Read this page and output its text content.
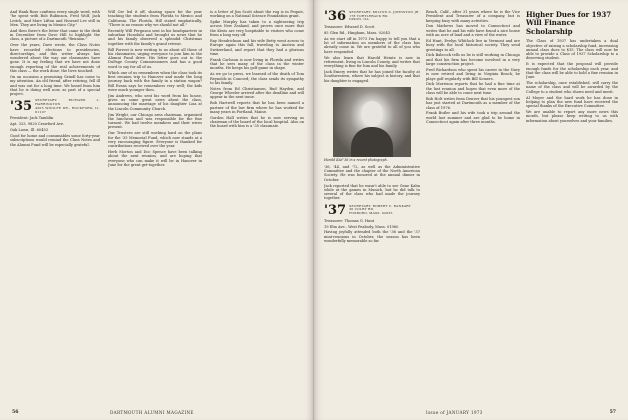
And Hank Rose confirms every single word, with "he spent with Bob Rubinson, Fred Wolf, Jack Leitch, and Marv Lifton and Howard Lev still in Mex. They are living in Mexico City."

And then there's the letter that came to the desk in December from Dave Hill to highlight the class, a picture of a Dartmouth "Reunion."

Over the years, Dave wrote, the Class Notes have recorded elections to presidencies, directorships, and this writer always has wondered about the way our classmates have gone. It is my feeling that we have not done enough reporting of the real achievements of this class — the work done, the lives touched.

On an occasion a promising Grindl has come to my attention. An old friend, after retiring, fell ill and was out for a long time. We heard from him that he is doing well now, as part of a special project.

'35 SECRETARY: RICHARD L. HARRINGTON
4205 WOOLFE DR., ROCKFORD, IL. 61107

President: Jack Tamblin

Apt. 333, 9820 Crawford Ave.

Oak Lawn, Ill. 60453

Good for home and consumables some forty-year subscriptions would remind the Class Notes and the Alumni Fund will be especially grateful.

Will Orr led it off, sharing space for the year teaching the students from Florida to Mexico and California. The Florida, Hill stated emphatically, "There is no reason why we should not all."

Recently Will Ferguson sent in his headquarters in suburban Honolulu and brought us news that he and his family observed a splendid Christmas together with the family's grand retreat.

Bill Forrest is now writing to us about all those of his classmates, urging everyone to join him in the Alumni Fund drive. His letter goes out to the DuPage County Commissioners and has a good word to say for all of us.

Which one of us remembers when the class took its first reunion trip to Hanover and made the long journey back with the family in a station wagon? Bill Evans says he remembers very well; the kids were much younger then.

Jim Andrews, who sent his word from his house, gives us some great news about the class, announcing the marriage of his daughter Lisa at the Lincoln Community Church.

Jim Wright, our Chicago area chairman, organized the luncheon and was responsible for the fine turnout. We had twelve members and their wives present.

Our Trustees are still working hard on the plans for the '35 Memorial Fund, which now stands at a very encouraging figure. Everyone is thanked for contributions received over the year.

Herb Morton and Doc Spence have been talking about the next reunion, and are hoping that everyone who can make it will be in Hanover in June for the great get-together.

is a letter of Jim Scott about the rug is in Pequot, working on a National Science Foundation grant.

Spike Murphy has taken to a sightseeing trip across New Zealand, and proves once more that the Kiwis are very hospitable to visitors who come from a long way off.

Ray Hendrickson and his wife Betty went across to Europe again this fall, traveling to Austria and Switzerland, and report that they had a glorious time.

Frank Carlsson is now living in Florida and writes that he sees many of the class in the winter months. He keeps his golf game in shape.

As we go to press, we learned of the death of Tom Reynolds in Concord; the class sends its sympathy to his family.

Notes from Ed Christiansen, Bud Hayden, and George Wheeler arrived after the deadline and will appear in the next issue.

Bob Hartwell reports that he has been named a partner of the law firm where he has worked for many years in Portland, Maine.

Gordon Hall writes that he is now serving as chairman of the board of the local hospital. Also on the board with him is a '35 classmate.

56	DARTMOUTH ALUMNI MAGAZINE
'36 SECRETARY: MILTON S. JOHNSTON JR.
178 TORTLEBACK RD.
DIXON, ILL.

Treasurer: Edward D. Scott

85 Glen Rd., Hingham, Mass. 02043

As we start off in 1973 I'm happy to tell you that a lot of information on members of the class has already come in. We are grateful to all of you who have responded.

We also learn that Harold Heintz is now in retirement, living in Lincoln County, and writes that everything is fine for him and his family.

Jack Emery writes that he has joined the faculty at Southwestern, where his subject is history, and that his daughter is engaged.

Harold Kiel '36 in a recent photograph.

'36, '44, and '72, as well as the Administrative Committee and the chapter of the North American Society. He was honored at the annual dinner in October.

Jack reported that he wasn't able to see Gene Kahn while at the games in Munich, but he did talk to several of the class who had made the journey together.

'37 SECRETARY: ROBERT C. RANKART
30 COLBY RD.
FOXBORO, MASS. 02035

Treasurer: Thomas G. Hunt

19 Elm Ave., West Peabody, Mass. 01960

Having joyfully attended both the '36 and the '37 mini-reunions in October, the season has been wonderfully memorable so far.

Beach, Calif., after 31 years where he is the Vice President and Treasurer of a company, but is keeping busy with many activities.

Don Mathews has moved to Connecticut and writes that he and his wife have found a nice house with an acre of land and a view of the water.

Ed Hunt, Evelyn Whitlock live in Vermont and are busy with the local historical society. They send greetings to all.

Dick Babcock tells us he is still working in Chicago and that his firm has become involved in a very large construction project.

Fred Richardson who spent his career in the Navy is now retired and living in Virginia Beach; he plays golf regularly with Bill Somers.

Dick Morrison reports that he had a fine time at the last reunion and hopes that even more of the class will be able to come next time.

Bob Holt writes from Denver that his youngest son has just started at Dartmouth as a member of the class of 1976.

Frank Butler and his wife took a trip around the world last summer and are glad to be home in Connecticut again after three months.

Higher Dues for 1937 Will Finance Scholarship

The Class of 1937 has undertaken a dual objective of raising a scholarship fund, increasing annual class dues to $15. The class will now be able to provide a Class of 1937 Scholarship to a deserving student.

It is expected that the proposal will provide enough funds for the scholarship each year, and that the class will be able to hold a fine reunion in June.

The scholarship, once established, will carry the name of the class and will be awarded by the College to a student who shows need and merit.

Al Moyer and the hard work he has done in helping to plan the new fund have received the special thanks of the Executive Committee.

We are unable to report any more news this month, but please keep writing to us with information about yourselves and your families.

Issue of JANUARY 1973	57
